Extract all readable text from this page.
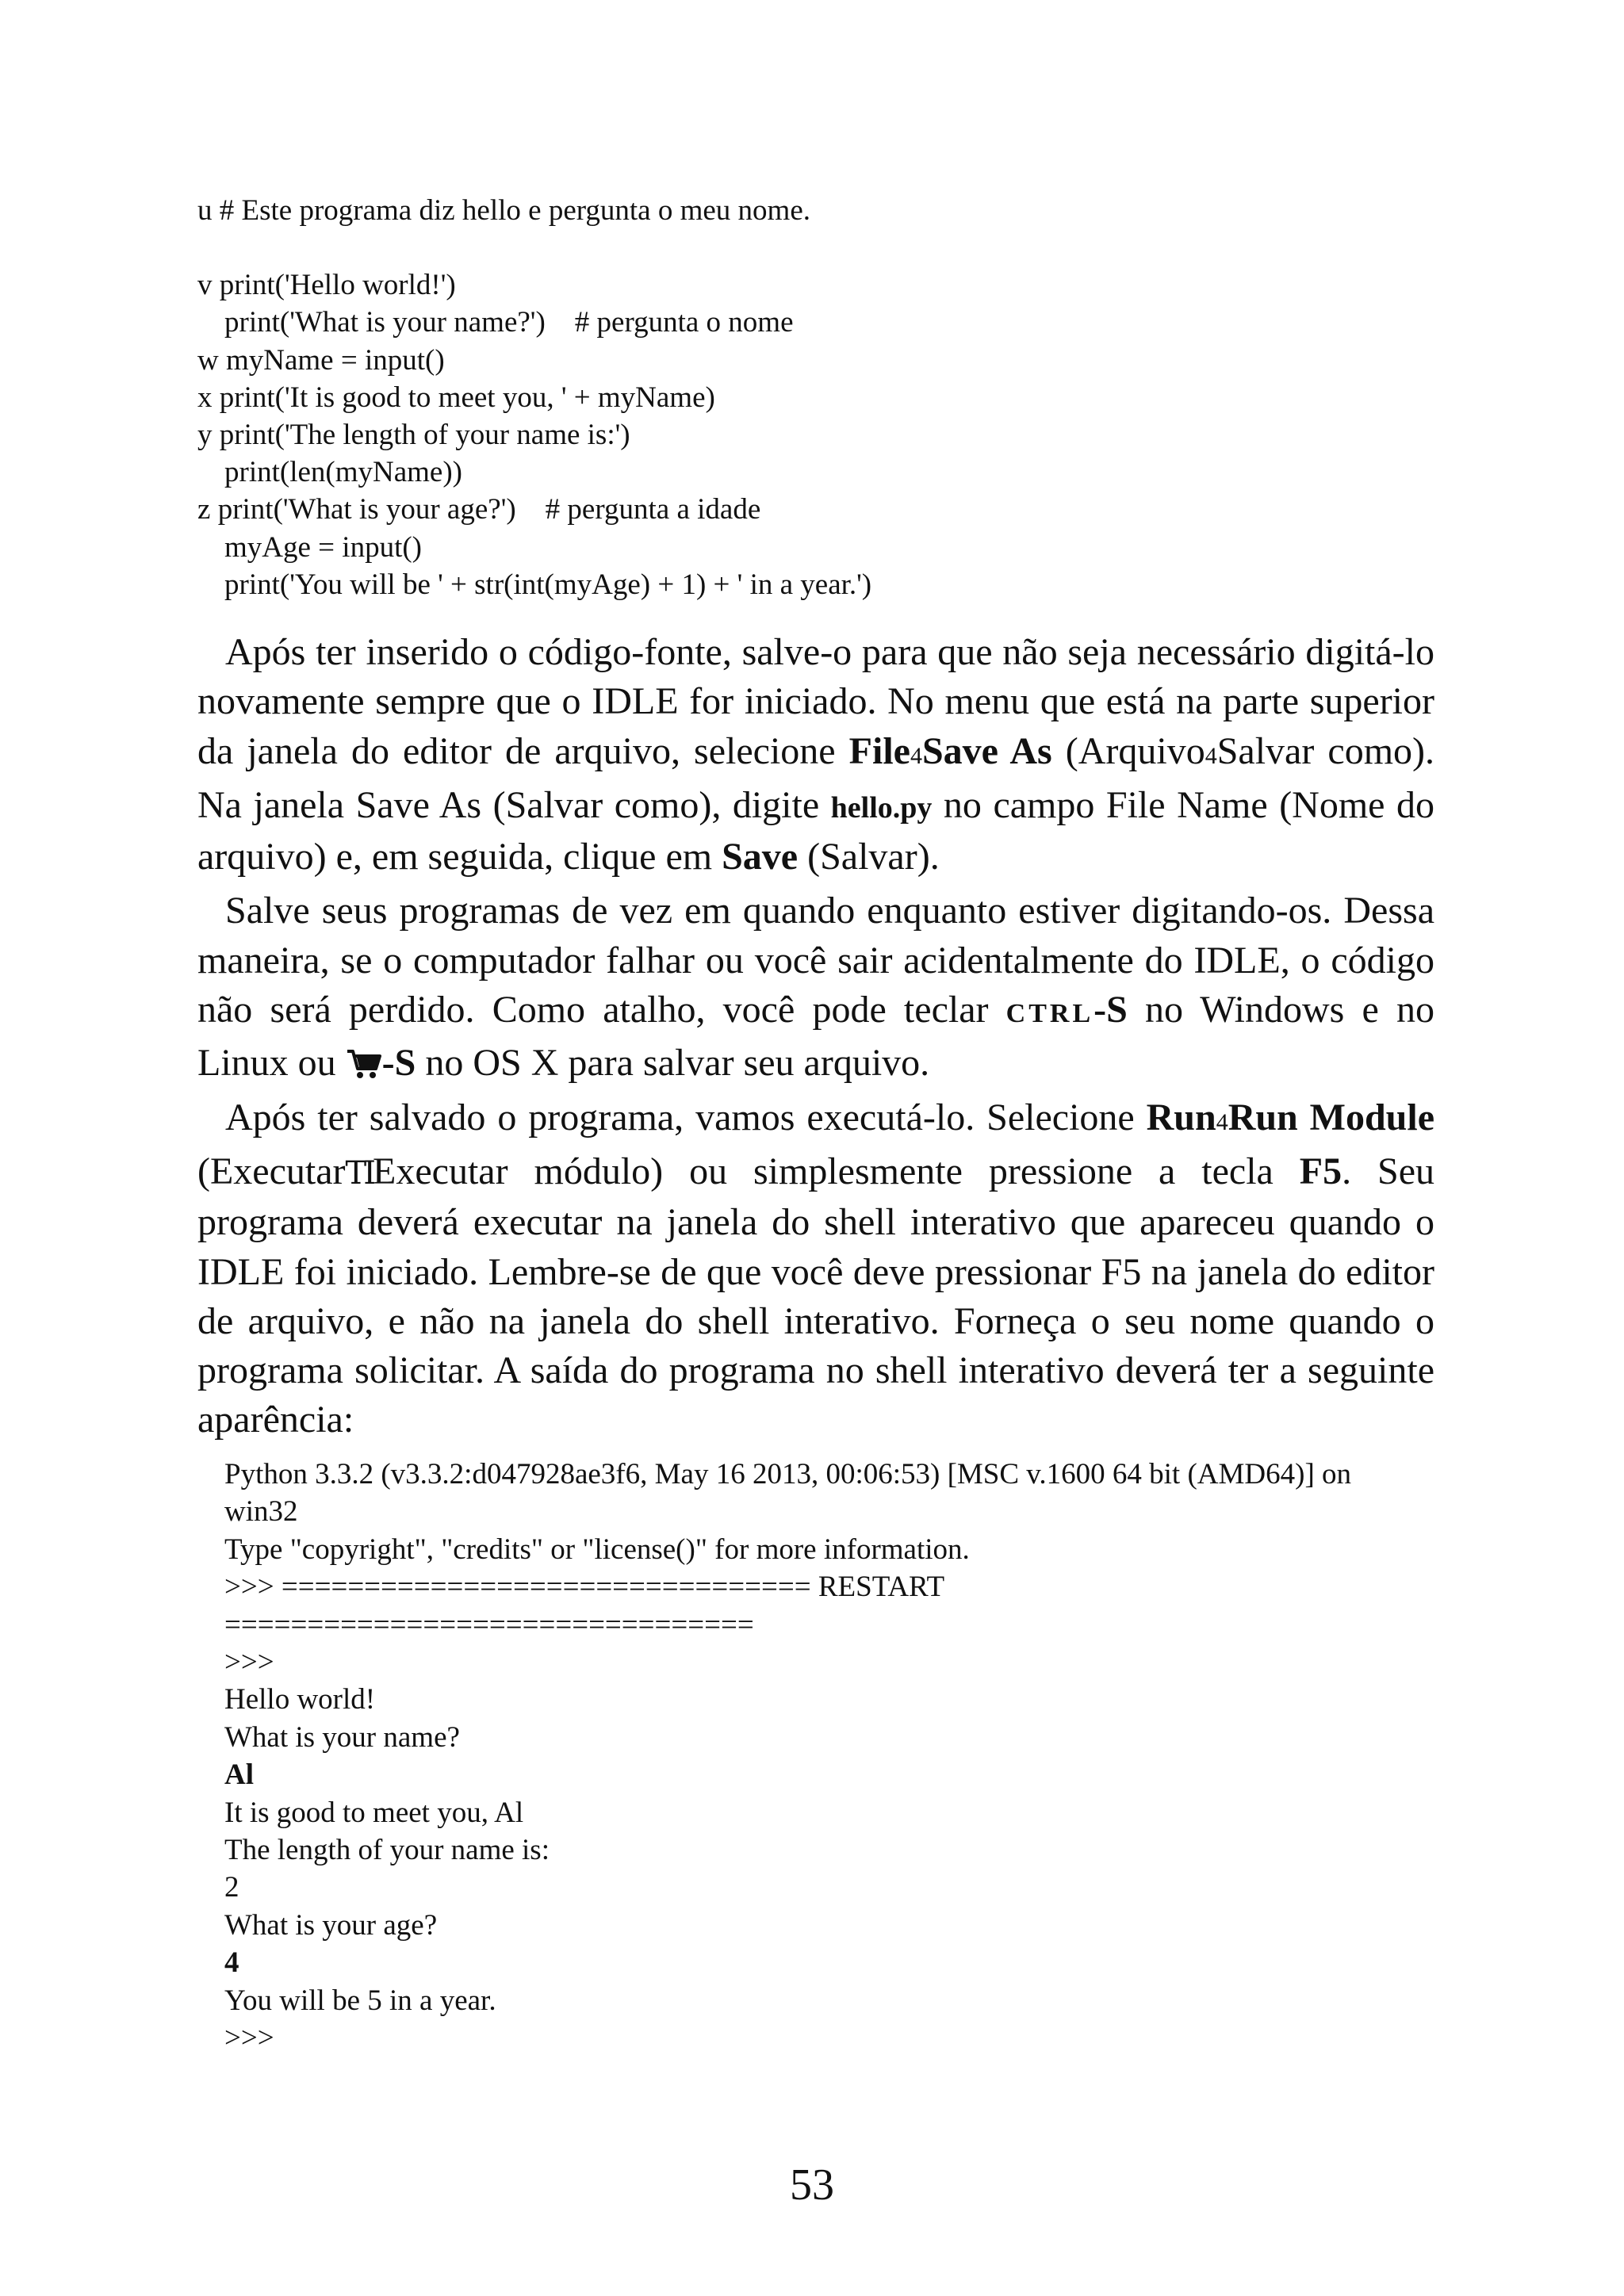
u # Este programa diz hello e pergunta o meu nome.
v print('Hello world!')
print('What is your name?')    # pergunta o nome
w myName = input()
x print('It is good to meet you, ' + myName)
y print('The length of your name is:')
print(len(myName))
z print('What is your age?')    # pergunta a idade
myAge = input()
print('You will be ' + str(int(myAge) + 1) + ' in a year.')

Após ter inserido o código-fonte, salve-o para que não seja necessário digitá-lo novamente sempre que o IDLE for iniciado. No menu que está na parte superior da janela do editor de arquivo, selecione File4Save As (Arquivo4Salvar como). Na janela Save As (Salvar como), digite hello.py no campo File Name (Nome do arquivo) e, em seguida, clique em Save (Salvar).

Salve seus programas de vez em quando enquanto estiver digitando-os. Dessa maneira, se o computador falhar ou você sair acidentalmente do IDLE, o código não será perdido. Como atalho, você pode teclar CTRL-S no Windows e no Linux ou -S no OS X para salvar seu arquivo.

Após ter salvado o programa, vamos executá-lo. Selecione Run4Run Module (ExecutarTIExecutar módulo) ou simplesmente pressione a tecla F5. Seu programa deverá executar na janela do shell interativo que apareceu quando o IDLE foi iniciado. Lembre-se de que você deve pressionar F5 na janela do editor de arquivo, e não na janela do shell interativo. Forneça o seu nome quando o programa solicitar. A saída do programa no shell interativo deverá ter a seguinte aparência:

Python 3.3.2 (v3.3.2:d047928ae3f6, May 16 2013, 00:06:53) [MSC v.1600 64 bit (AMD64)] on win32
Type "copyright", "credits" or "license()" for more information.
>>> ================================ RESTART ================================
>>>
Hello world!
What is your name?
Al
It is good to meet you, Al
The length of your name is:
2
What is your age?
4
You will be 5 in a year.
>>>
53
